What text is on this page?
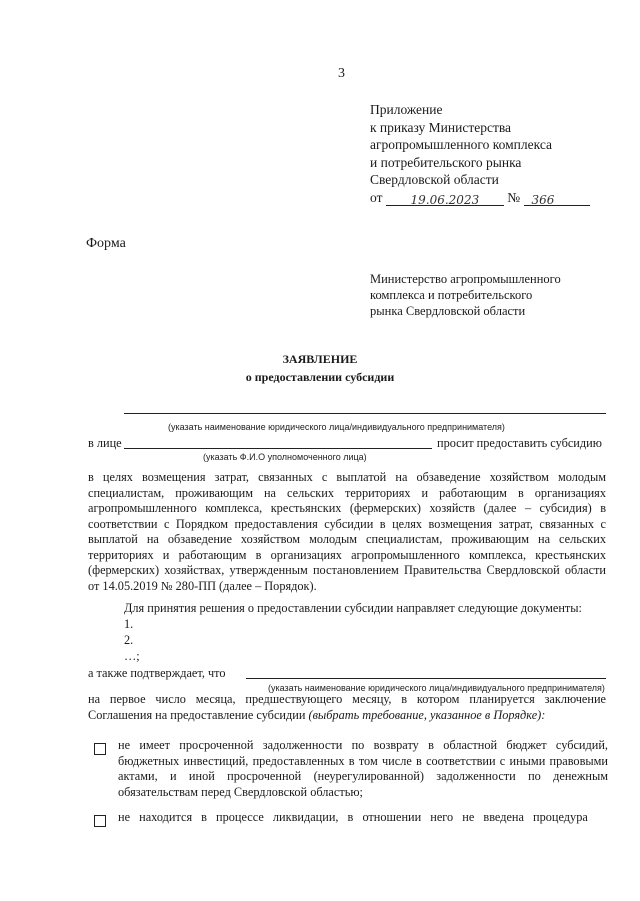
3
Приложение
к приказу Министерства
агропромышленного комплекса
и потребительского рынка
Свердловской области
от 19.06.2023 № 366
Форма
Министерство агропромышленного
комплекса и потребительского
рынка Свердловской области
ЗАЯВЛЕНИЕ
о предоставлении субсидии
(указать наименование юридического лица/индивидуального предпринимателя)
в лице	просит предоставить субсидию
(указать Ф.И.О уполномоченного лица)
в целях возмещения затрат, связанных с выплатой на обзаведение хозяйством молодым специалистам, проживающим на сельских территориях и работающим в организациях агропромышленного комплекса, крестьянских (фермерских) хозяйств (далее – субсидия) в соответствии с Порядком предоставления субсидии в целях возмещения затрат, связанных с выплатой на обзаведение хозяйством молодым специалистам, проживающим на сельских территориях и работающим в организациях агропромышленного комплекса, крестьянских (фермерских) хозяйствах, утвержденным постановлением Правительства Свердловской области от 14.05.2019 № 280-ПП (далее – Порядок).
Для принятия решения о предоставлении субсидии направляет следующие документы:
1.
2.
…;
а также подтверждает, что
(указать наименование юридического лица/индивидуального предпринимателя)
на первое число месяца, предшествующего месяцу, в котором планируется заключение Соглашения на предоставление субсидии (выбрать требование, указанное в Порядке):
не имеет просроченной задолженности по возврату в областной бюджет субсидий, бюджетных инвестиций, предоставленных в том числе в соответствии с иными правовыми актами, и иной просроченной (неурегулированной) задолженности по денежным обязательствам перед Свердловской областью;
не находится в процессе ликвидации, в отношении него не введена процедура
